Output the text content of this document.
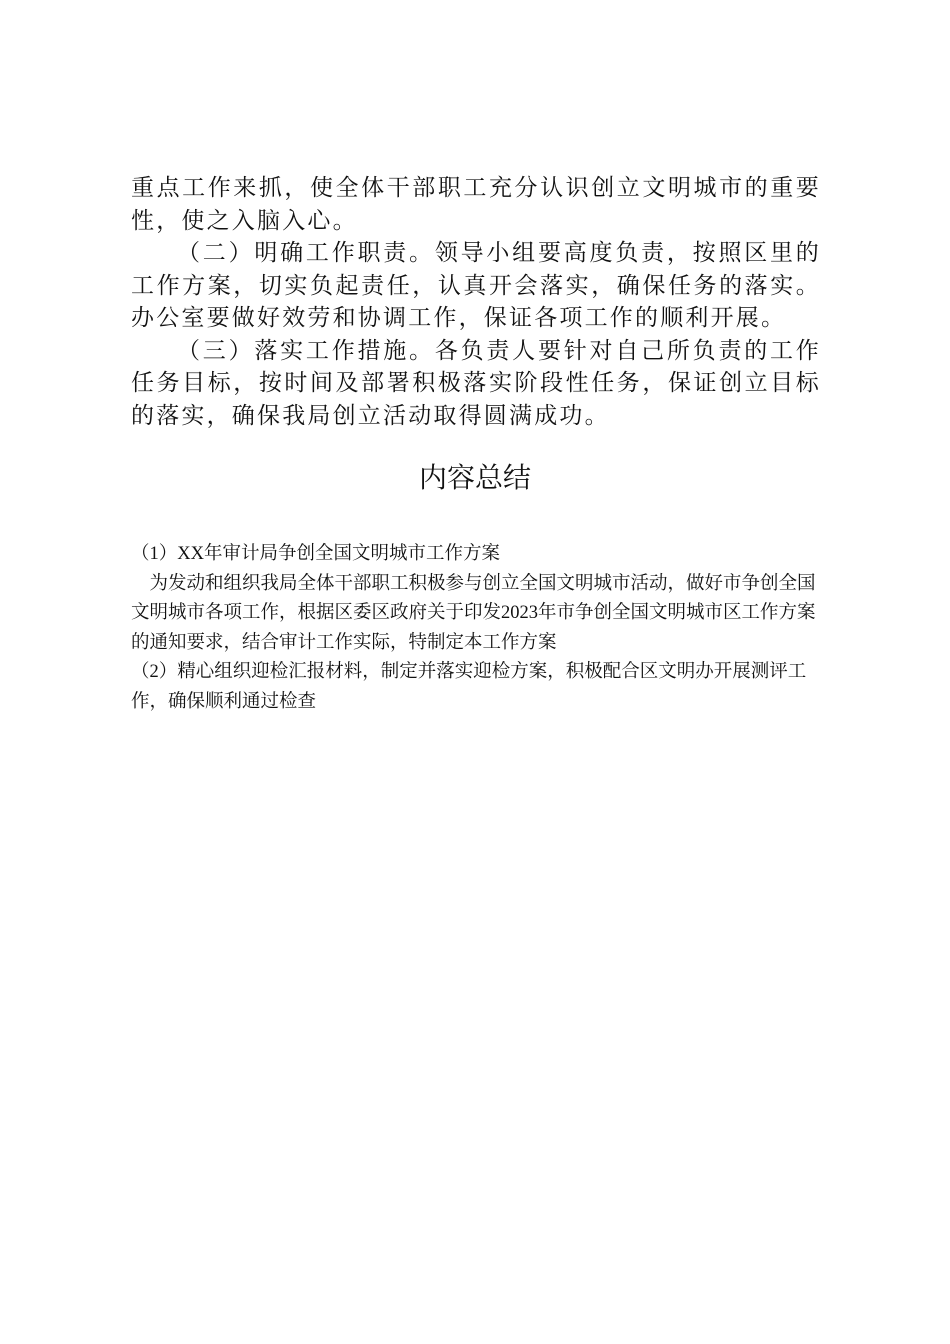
重点工作来抓，使全体干部职工充分认识创立文明城市的重要性，使之入脑入心。

（二）明确工作职责。领导小组要高度负责，按照区里的工作方案，切实负起责任，认真开会落实，确保任务的落实。办公室要做好效劳和协调工作，保证各项工作的顺利开展。

（三）落实工作措施。各负责人要针对自己所负责的工作任务目标，按时间及部署积极落实阶段性任务，保证创立目标的落实，确保我局创立活动取得圆满成功。

内容总结

（1）XX年审计局争创全国文明城市工作方案

为发动和组织我局全体干部职工积极参与创立全国文明城市活动，做好市争创全国文明城市各项工作，根据区委区政府关于印发2023年市争创全国文明城市区工作方案的通知要求，结合审计工作实际，特制定本工作方案

（2）精心组织迎检汇报材料，制定并落实迎检方案，积极配合区文明办开展测评工作，确保顺利通过检查
